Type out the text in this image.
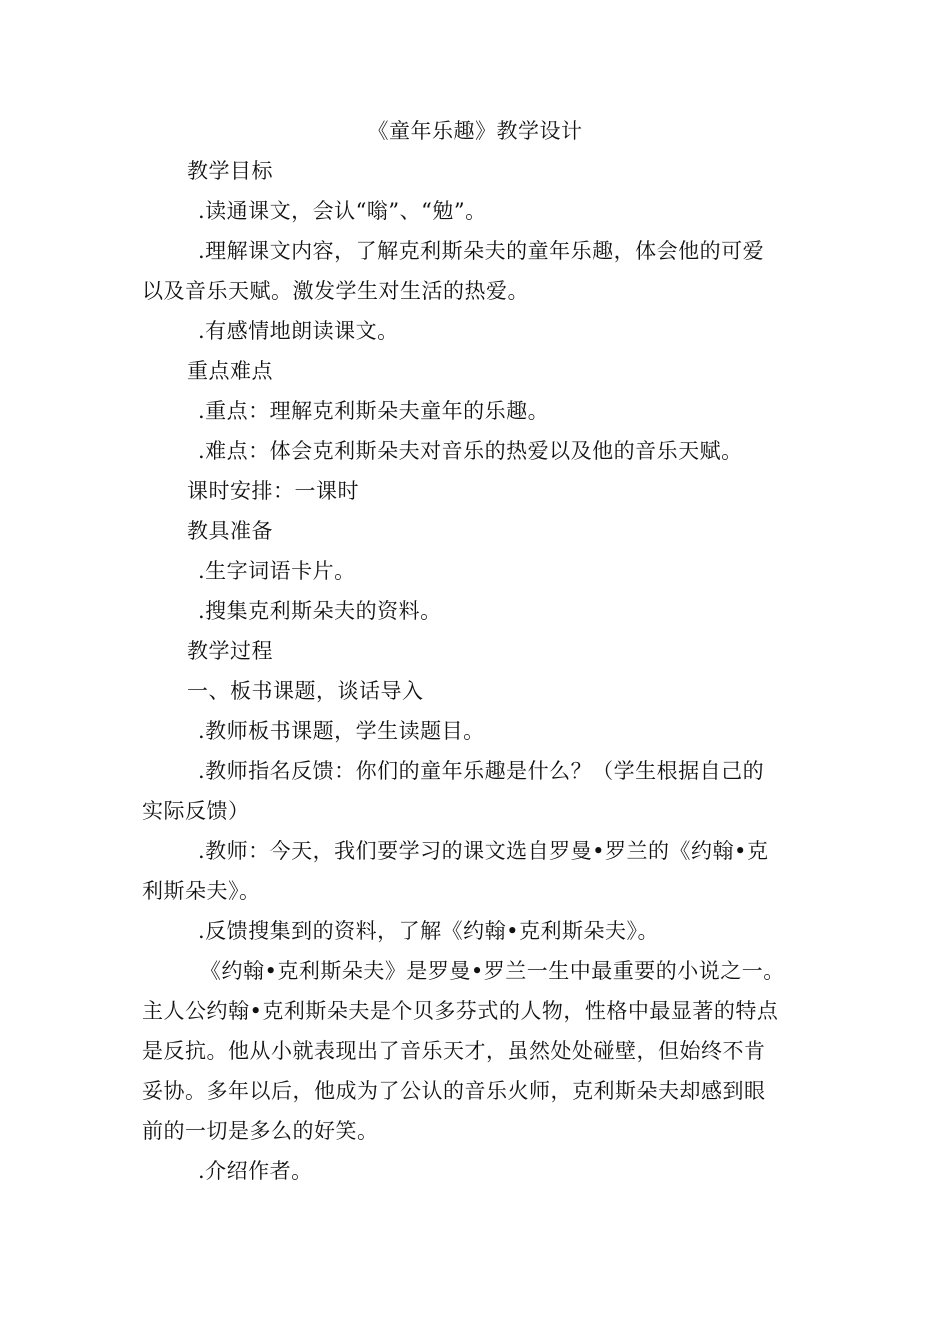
《童年乐趣》教学设计
教学目标
.读通课文，会认“嗡”、“勉”。
.理解课文内容，了解克利斯朵夫的童年乐趣，体会他的可爱
以及音乐天赋。激发学生对生活的热爱。
.有感情地朗读课文。
重点难点
.重点：理解克利斯朵夫童年的乐趣。
.难点：体会克利斯朵夫对音乐的热爱以及他的音乐天赋。
课时安排：一课时
教具准备
.生字词语卡片。
.搜集克利斯朵夫的资料。
教学过程
一、板书课题，谈话导入
.教师板书课题，学生读题目。
.教师指名反馈：你们的童年乐趣是什么？（学生根据自己的
实际反馈）
.教师：今天，我们要学习的课文选自罗曼•罗兰的《约翰•克
利斯朵夫》。
.反馈搜集到的资料，了解《约翰•克利斯朵夫》。
《约翰•克利斯朵夫》是罗曼•罗兰一生中最重要的小说之一。
主人公约翰•克利斯朵夫是个贝多芬式的人物，性格中最显著的特点
是反抗。他从小就表现出了音乐天才，虽然处处碰壁，但始终不肯
妥协。多年以后，他成为了公认的音乐火师，克利斯朵夫却感到眼
前的一切是多么的好笑。
.介绍作者。
